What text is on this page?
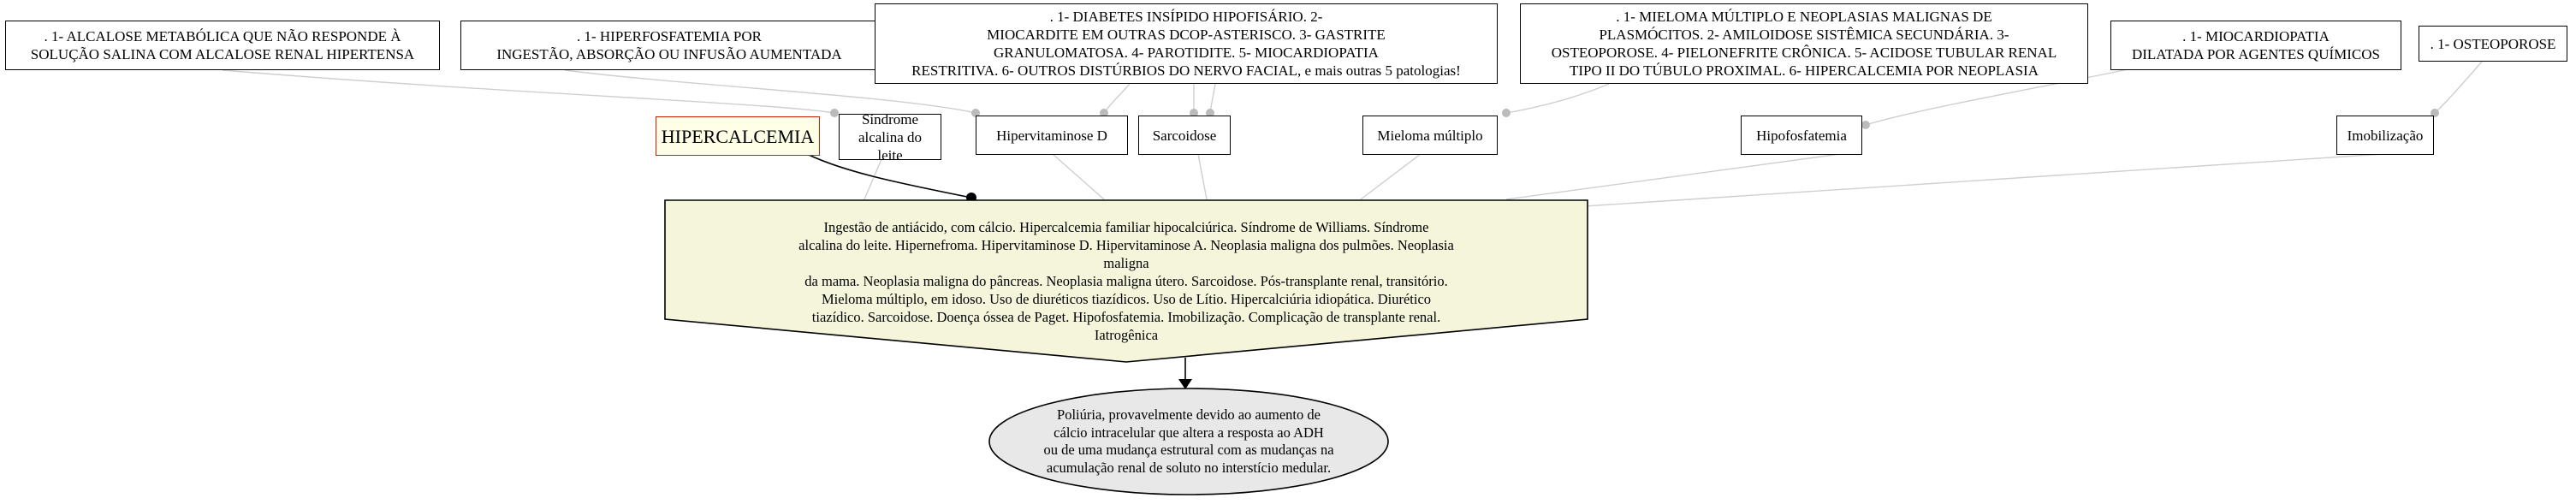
. 1- ALCALOSE METABÓLICA QUE NÃO RESPONDE À
SOLUÇÃO SALINA COM ALCALOSE RENAL HIPERTENSA
. 1- HIPERFOSFATEMIA POR
INGESTÃO, ABSORÇÃO OU INFUSÃO AUMENTADA
. 1- DIABETES INSÍPIDO HIPOFISÁRIO. 2-
MIOCARDITE EM OUTRAS DCOP-ASTERISCO. 3- GASTRITE
GRANULOMATOSA. 4- PAROTIDITE. 5- MIOCARDIOPATIA
RESTRITIVA. 6- OUTROS DISTÚRBIOS DO NERVO FACIAL, e mais outras 5 patologias!
. 1- MIELOMA MÚLTIPLO E NEOPLASIAS MALIGNAS DE
PLASMÓCITOS. 2- AMILOIDOSE SISTÊMICA SECUNDÁRIA. 3-
OSTEOPOROSE. 4- PIELONEFRITE CRÔNICA. 5- ACIDOSE TUBULAR RENAL
TIPO II DO TÚBULO PROXIMAL. 6- HIPERCALCEMIA POR NEOPLASIA
. 1- MIOCARDIOPATIA
DILATADA POR AGENTES QUÍMICOS
. 1- OSTEOPOROSE
HIPERCALCEMIA
Síndrome
alcalina do leite
Hipervitaminose D	Sarcoidose	Mieloma múltiplo	Hipofosfatemia	Imobilização
Ingestão de antiácido, com cálcio. Hipercalcemia familiar hipocalciúrica. Síndrome de Williams. Síndrome
alcalina do leite. Hipernefroma. Hipervitaminose D. Hipervitaminose A. Neoplasia maligna dos pulmões. Neoplasia maligna
da mama. Neoplasia maligna do pâncreas. Neoplasia maligna útero. Sarcoidose. Pós-transplante renal, transitório.
Mieloma múltiplo, em idoso. Uso de diuréticos tiazídicos. Uso de Lítio. Hipercalciúria idiopática. Diurético
tiazídico. Sarcoidose. Doença óssea de Paget. Hipofosfatemia. Imobilização. Complicação de transplante renal. Iatrogênica
Poliúria, provavelmente devido ao aumento de
cálcio intracelular que altera a resposta ao ADH
ou de uma mudança estrutural com as mudanças na
acumulação renal de soluto no interstício medular.
